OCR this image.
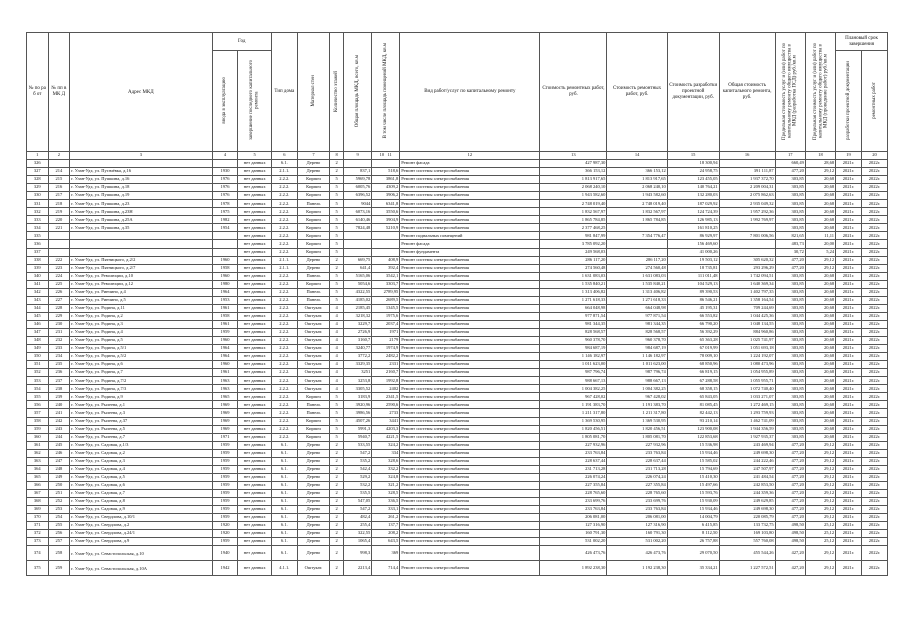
№ по ра б от	№ пп в МК Д	Адрес МКД	Год		Тип дома	Материал стен	Количество этажей	Общая площадь МКД, всего, кв.м	В том числе площадь помещений МКД, кв.м	Вид работ/услуг по капитальному ремонту	Стоимость ремонтных работ, руб.	Стоимость ремонтных работ, руб.	Стоимость разработки проектной документации, руб.	Общая стоимость капитального ремонта, руб.	Предельная стоимость услуг и (или) работ по капитальному ремонту общего имущества в МКД (разработка ПСД) руб./кв.м	Предельная стоимость услуг и (или) работ по капитальному ремонту общего имущества в МКД (проведение работ) руб./кв.м	Плановый срок завершения	
			ввода в эксплуатацию	завершение последнего капитального ремонта													разработки проектной документации	ремонтных работ
1	2	3	4	5	6	7	8	9	10 11	12	13	14	15	16	17	18	19	20
326				нет данных	6.1.	Дерево	2			Ремонт фасада	427 987,30		18 300,94		660,49	28,68	2021г.	2022г.
327	214	г. Улан-Удэ, ул. Пугачёвка, д.16	1930	нет данных	2.1.1.	Дерево	2	837,1	518,6	Ремонт системы электроснабжения	366 153,12	366 153,12	24 958,75	391 111,87	477,20	29,12	2021г.	2022г.
328	215	г. Улан-Удэ, ул. Пушкина, д.16	1976	нет данных	2.2.2.	Кирпич	5	5969,78	3861,8	Ремонт системы электроснабжения	1 813 917,65	1 813 917,65	123 455,05	1 937 372,70	303,85	20,68	2021г.	2022г.
329	216	г. Улан-Удэ, ул. Пушкина, д.18	1976	нет данных	2.2.2.	Кирпич	5	6005,76	4309,2	Ремонт системы электроснабжения	2 068 240,10	2 068 240,10	140 764,21	2 209 004,31	303,85	20,68	2021г.	2022г.
330	217	г. Улан-Удэ, ул. Пушкина, д.19	1976	нет данных	2.2.2.	Кирпич	5	6396,52	3906,2	Ремонт системы электроснабжения	1 943 582,60	1 943 582,60	132 280,03	2 075 862,63	303,85	20,68	2021г.	2022г.
331	218	г. Улан-Удэ, ул. Пушкина, д.23	1978	нет данных	2.2.2.	Панель	5	9044	6341,8	Ремонт системы электроснабжения	2 748 019,40	2 748 019,40	187 029,92	2 935 049,32	303,85	20,68	2021г.	2022г.
332	219	г. Улан-Удэ, ул. Пушкина, д.23Н	1975	нет данных	2.2.2.	Кирпич	5	6073,16	3550,6	Ремонт системы электроснабжения	1 832 567,97	1 832 567,97	124 724,39	1 957 292,36	303,85	20,68	2021г.	2022г.
333	220	г. Улан-Удэ, ул. Пушкина, д.25А	1982	нет данных	2.2.2.	Кирпич	5	6140,46	3904,9	Ремонт системы электроснабжения	1 865 784,85	1 865 784,85	126 985,13	1 992 769,97	303,85	20,68	2021г.	2022г.
334	221	г. Улан-Удэ, ул. Пушкина, д.35	1954	нет данных	2.2.2.	Кирпич	5	7824,48	5210,9	Ремонт системы электроснабжения	2 377 468,25		161 810,25		303,85	20,68	2021г.	2022г.
335				нет данных	2.2.2.	Кирпич	5			Ремонт подвальных помещений	981 847,99	7 354 776,47	86 929,97	7 801 006,56	821,65	11,11	2021г.	2022г.
336				нет данных	2.2.2.	Кирпич	5			Ремонт фасада	3 785 092,20		156 469,60		483,73	20,00	2021г.	2022г.
337				нет данных	2.2.2.	Кирпич	5			Ремонт фундамента	249 568,03		41 000,26		30,72	5,24	2021г.	2022г.
338	222	г. Улан-Удэ, ул. Пятницкого, д.2/2	1960	нет данных	2.1.1.	Дерево	2	669,75	408,9	Ремонт системы электроснабжения	286 117,20	286 117,20	19 503,12	305 620,32	477,20	29,12	2021г.	2022г.
339	223	г. Улан-Удэ, ул. Пятницкого, д.2/7	1958	нет данных	2.1.1.	Дерево	2	641,4	392,4	Ремонт системы электроснабжения	274 560,48	274 560,48	18 735,81	293 296,29	477,20	29,12	2021г.	2022г.
340	224	г. Улан-Удэ, ул. Революции, д.10	1960	нет данных	2.2.2.	Панель	5	5165,06	3542,1	Ремонт системы электроснабжения	1 631 083,03	1 631 083,03	111 011,48	1 742 094,51	303,85	20,68	2021г.	2022г.
341	225	г. Улан-Удэ, ул. Революции, д.12	1980	нет данных	2.2.2.	Кирпич	5	5054,6	3303,7	Ремонт системы электроснабжения	1 535 840,21	1 535 840,21	104 529,13	1 640 369,34	303,85	20,68	2021г.	2022г.
342	226	г. Улан-Удэ, ул. Ринчино, д.4	1964	нет данных	2.2.2.	Панель	5	4322,55	2789,95	Ремонт системы электроснабжения	1 313 406,82	1 313 406,82	89 390,53	1 402 797,35	303,85	20,68	2021г.	2022г.
343	227	г. Улан-Удэ, ул. Ринчино, д.5	1953	нет данных	2.2.2.	Панель	5	4185,02	2689,5	Ремонт системы электроснабжения	1 271 618,33	1 271 618,33	86 546,21	1 358 164,54	303,85	20,68	2021г.	2022г.
344	228	г. Улан-Удэ, ул. Родина, д.11	1961	нет данных	2.2.2.	Оштукат.	4	2185,45	1345,5	Ремонт системы электроснабжения	664 048,98	664 048,98	45 195,31	709 244,69	303,85	20,68	2021г.	2022г.
345	229	г. Улан-Удэ, ул. Родина, д.2	1958	нет данных	2.2.2.	Оштукат.	4	3218,32	1975,6	Ремонт системы электроснабжения	977 871,54	977 871,54	66 553,82	1 044 425,36	303,85	20,68	2021г.	2022г.
346	230	г. Улан-Удэ, ул. Родина, д.3	1961	нет данных	2.2.2.	Оштукат.	4	3229,7	2037,4	Ремонт системы электроснабжения	981 344,35	981 344,35	66 790,20	1 048 134,55	303,85	20,68	2021г.	2022г.
347	231	г. Улан-Удэ, ул. Родина, д.4	1959	нет данных	2.2.2.	Оштукат.	4	2726,9	1971	Ремонт системы электроснабжения	828 568,57	828 568,57	56 392,29	884 960,86	303,85	20,68	2021г.	2022г.
348	232	г. Улан-Удэ, ул. Родина, д.5	1960	нет данных	2.2.2.	Оштукат.	4	3160,7	2179	Ремонт системы электроснабжения	960 378,70	960 378,70	65 363,28	1 025 741,97	303,85	20,68	2021г.	2022г.
349	233	г. Улан-Удэ, ул. Родина, д.5/1	1964	нет данных	2.2.2.	Оштукат.	4	3240,77	1974,9	Ремонт системы электроснабжения	984 687,19	984 687,19	67 019,99	1 051 693,18	303,85	20,68	2021г.	2022г.
350	234	г. Улан-Удэ, ул. Родина, д.5/2	1964	нет данных	2.2.2.	Оштукат.	4	3772,2	2482,2	Ремонт системы электроснабжения	1 146 182,97	1 146 182,97	78 009,10	1 224 192,07	303,85	20,68	2021г.	2022г.
351	235	г. Улан-Удэ, ул. Родина, д.6	1960	нет данных	2.2.2.	Оштукат.	4	3329,35	2331	Ремонт системы электроснабжения	1 011 623,00	1 011 623,00	68 850,96	1 080 473,96	303,85	20,68	2021г.	2022г.
352	236	г. Улан-Удэ, ул. Родина, д.7	1961	нет данных	2.2.2.	Оштукат.	4	3251	2160,7	Ремонт системы электроснабжения	987 796,74	987 796,74	66 819,15	1 054 955,89	303,85	20,68	2021г.	2022г.
353	237	г. Улан-Удэ, ул. Родина, д.7/2	1963	нет данных	2.2.2.	Оштукат.	4	3253,8	1992,8	Ремонт системы электроснабжения	988 667,13	988 667,13	67 288,58	1 055 955,71	303,85	20,68	2021г.	2022г.
354	238	г. Улан-Удэ, ул. Родина, д.7/3	1963	нет данных	2.2.2.	Оштукат.	4	3305,52	2402	Ремонт системы электроснабжения	1 004 382,25	1 004 382,25	68 358,15	1 072 740,40	303,85	20,68	2021г.	2022г.
355	239	г. Улан-Удэ, ул. Родина, д.9	1965	нет данных	2.2.2.	Кирпич	5	3183,9	2341,5	Ремонт системы электроснабжения	967 428,02	967 428,02	65 843,05	1 033 271,07	303,85	20,68	2021г.	2022г.
356	240	г. Улан-Удэ, ул. Рылеева, д.1	1969	нет данных	2.2.2.	Панель	5	3920,96	2590,6	Ремонт системы электроснабжения	1 191 383,70	1 191 383,70	81 085,45	1 272 469,15	303,85	20,68	2021г.	2022г.
357	241	г. Улан-Удэ, ул. Рылеева, д.3	1969	нет данных	2.2.2.	Панель	5	3986,56	2733	Ремонт системы электроснабжения	1 211 317,80	1 211 317,80	82 442,13	1 293 759,93	303,85	20,68	2021г.	2022г.
358	242	г. Улан-Удэ, ул. Рылеева, д.37	1969	нет данных	2.2.2.	Кирпич	5	4507,26	3441	Ремонт системы электроснабжения	1 369 530,95	1 369 530,95	93 210,14	1 462 741,09	303,85	20,68	2021г.	2022г.
359	243	г. Улан-Удэ, ул. Рылеева, д.5	1969	нет данных	2.2.2.	Кирпич	5	5991,3	4203,3	Ремонт системы электроснабжения	1 820 456,51	1 820 456,51	123 900,08	1 944 356,59	303,85	20,68	2021г.	2022г.
360	244	г. Улан-Удэ, ул. Рылеева, д.7	1971	нет данных	2.2.2.	Кирпич	5	5940,7	4221,5	Ремонт системы электроснабжения	1 805 081,70	1 805 081,70	122 853,68	1 927 935,37	303,85	20,68	2021г.	2022г.
361	245	г. Улан-Удэ, ул. Садовая, д.1/3	1959	нет данных	6.1.	Дерево	2	533,55	324,2	Ремонт системы электроснабжения	227 932,96	227 932,96	15 536,98	243 469,94	477,20	29,12	2021г.	2022г.
362	246	г. Улан-Удэ, ул. Садовая, д.2	1959	нет данных	6.1.	Дерево	2	547,2	334	Ремонт системы электроснабжения	233 763,84	233 763,84	15 934,46	249 698,30	477,20	29,12	2021г.	2022г.
363	247	г. Улан-Удэ, ул. Садовая, д.3	1959	нет данных	6.1.	Дерево	2	535,2	328,6	Ремонт системы электроснабжения	228 637,44	228 637,44	15 585,02	244 222,46	477,20	29,12	2021г.	2022г.
364	248	г. Улан-Удэ, ул. Садовая, д.4	1959	нет данных	6.1.	Дерево	2	542,4	332,2	Ремонт системы электроснабжения	231 713,28	231 713,28	15 794,69	247 507,97	477,20	29,12	2021г.	2022г.
365	249	г. Улан-Удэ, ул. Садовая, д.5	1959	нет данных	6.1.	Дерево	2	529,2	324,8	Ремонт системы электроснабжения	226 074,24	226 074,24	15 410,30	241 484,54	477,20	29,12	2021г.	2022г.
366	250	г. Улан-Удэ, ул. Садовая, д.6	1959	нет данных	6.1.	Дерево	2	532,2	321,2	Ремонт системы электроснабжения	227 355,84	227 355,84	15 497,66	242 853,50	477,20	29,12	2021г.	2022г.
367	251	г. Улан-Удэ, ул. Садовая, д.7	1959	нет данных	6.1.	Дерево	2	535,5	328,5	Ремонт системы электроснабжения	228 765,60	228 765,60	15 593,76	244 359,36	477,20	29,12	2021г.	2022г.
368	252	г. Улан-Удэ, ул. Садовая, д.8	1959	нет данных	6.1.	Дерево	2	547,05	336,5	Ремонт системы электроснабжения	233 699,76	233 699,76	15 930,09	249 629,85	477,20	29,12	2021г.	2022г.
369	253	г. Улан-Удэ, ул. Садовая, д.9	1959	нет данных	6.1.	Дерево	2	547,2	333,1	Ремонт системы электроснабжения	233 763,84	233 763,84	15 934,46	249 698,30	477,20	29,12	2021г.	2022г.
370	254	г. Улан-Удэ, ул. Свердлова, д.10/1	1959	нет данных	6.1.	Дерево	2	482,4	261,2	Ремонт системы электроснабжения	206 081,00	206 081,00	14 004,79	220 085,79	477,20	29,12	2021г.	2022г.
371	255	г. Улан-Удэ, ул. Свердлова, д.2	1920	нет данных	6.1.	Дерево	2	255,4	137,7	Ремонт системы электроснабжения	127 316,90	127 316,90	6 415,85	133 732,75	498,50	25,12	2021г.	2022г.
372	256	г. Улан-Удэ, ул. Свердлова, д.24/1	1920	нет данных	6.1.	Дерево	2	322,55	208,2	Ремонт системы электроснабжения	160 791,30	160 791,30	8 112,50	169 103,80	498,50	25,12	2021г.	2022г.
373	257	г. Улан-Удэ, ул. Свердлова, д.9	1959	нет данных	6.1.	Дерево	2	1065,4	643,5	Ремонт системы электроснабжения	531 002,20	531 002,20	26 757,88	557 760,08	498,50	25,12	2021г.	2022г.
374	258	г. Улан-Удэ, ул. Севастопольская, д.10	1940	нет данных	6.1.	Дерево	2	998,3	369	Ремонт системы электроснабжения	426 473,76	426 473,76	29 070,50	455 544,26	427,20	29,12	2021г.	2022г.
375	259	г. Улан-Удэ, ул. Севастопольская, д.10А	1942	нет данных	4.1.1.	Оштукат.	2	2213,4	714,4	Ремонт системы электроснабжения	1 892 238,30	1 192 238,30	35 334,21	1 227 572,51	427,20	29,12	2021г.	2022г.
